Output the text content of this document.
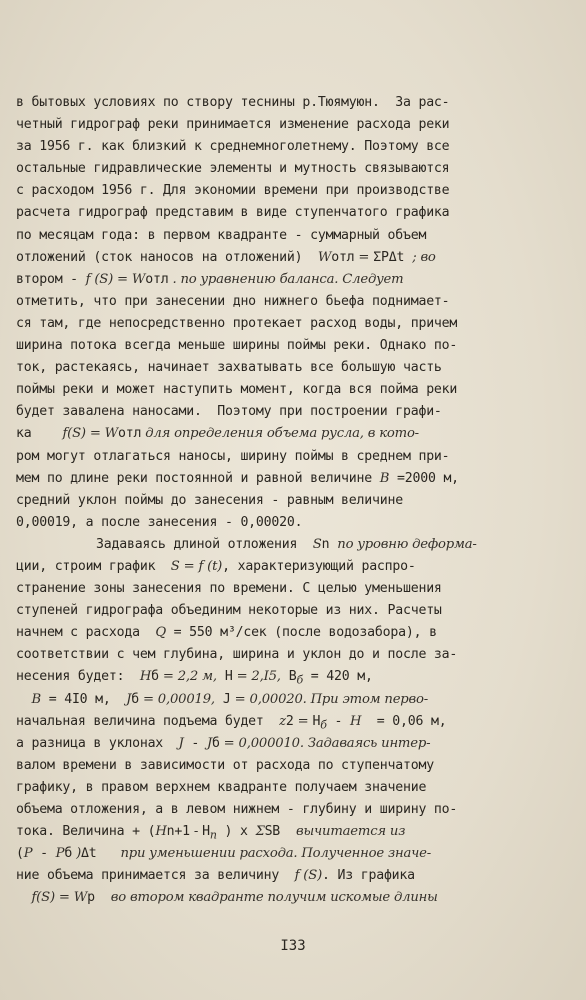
в бытовых условиях по створу теснины р.Тюямуюн.  За рас-
четный гидрограф реки принимается изменение расхода реки
за 1956 г. как близкий к среднемноголетнему. Поэтому все
остальные гидравлические элементы и мутность связываются
с расходом 1956 г. Для экономии времени при производстве
расчета гидрограф представим в виде ступенчатого графика
по месяцам года: в первом квадранте - суммарный объем
отложений (сток наносов на отложений)  Wотл = ΣPΔt  ; во
втором - f (S) = Wотл . по уравнению баланса. Следует
отметить, что при занесении дно нижнего бьефа поднимает-
ся там, где непосредственно протекает расход воды, причем
ширина потока всегда меньше ширины поймы реки. Однако по-
ток, растекаясь, начинает захватывать все большую часть
поймы реки и может наступить момент, когда вся пойма реки
будет завалена наносами.  Поэтому при построении графи-
ка    f(S) = Wотл для определения объема русла, в кото-
ром могут отлагаться наносы, ширину поймы в среднем при-
мем по длине реки постоянной и равной величине B =2000 м,
средний уклон поймы до занесения - равным величине
0,00019, а после занесения - 0,00020.
Задаваясь длиной отложения  Sn  по уровню деформа-
ции, строим график  S = f (t), характеризующий распро-
странение зоны занесения по времени. С целью уменьшения
ступеней гидрографа объединим некоторые из них. Расчеты
начнем с расхода  Q = 550 м³/сек (после водозабора), в
соответствии с чем глубина, ширина и уклон до и после за-
несения будет:  Hб = 2,2 м,  H = 2,I5,  $B_б = 420$ м,
B = 4I0 м,  Jб = 0,00019,  J = 0,00020. При этом перво-
начальная величина подъема будет  $z2 = H_б - H = 0,06$ м,
а разница в уклонах  J - Jб = 0,000010. Задаваясь интер-
валом времени в зависимости от расхода по ступенчатому
графику, в правом верхнем квадранте получаем значение
объема отложения, а в левом нижнем - глубину и ширину по-
тока. Величина + ($Hn+1 - H_n$ ) x ΣSB    вычитается из
(P - Pб )Δt      при уменьшении расхода. Полученное значе-
ние объема принимается за величину  f (S). Из графика
f(S) = Wр    во втором квадранте получим искомые длины
I33
